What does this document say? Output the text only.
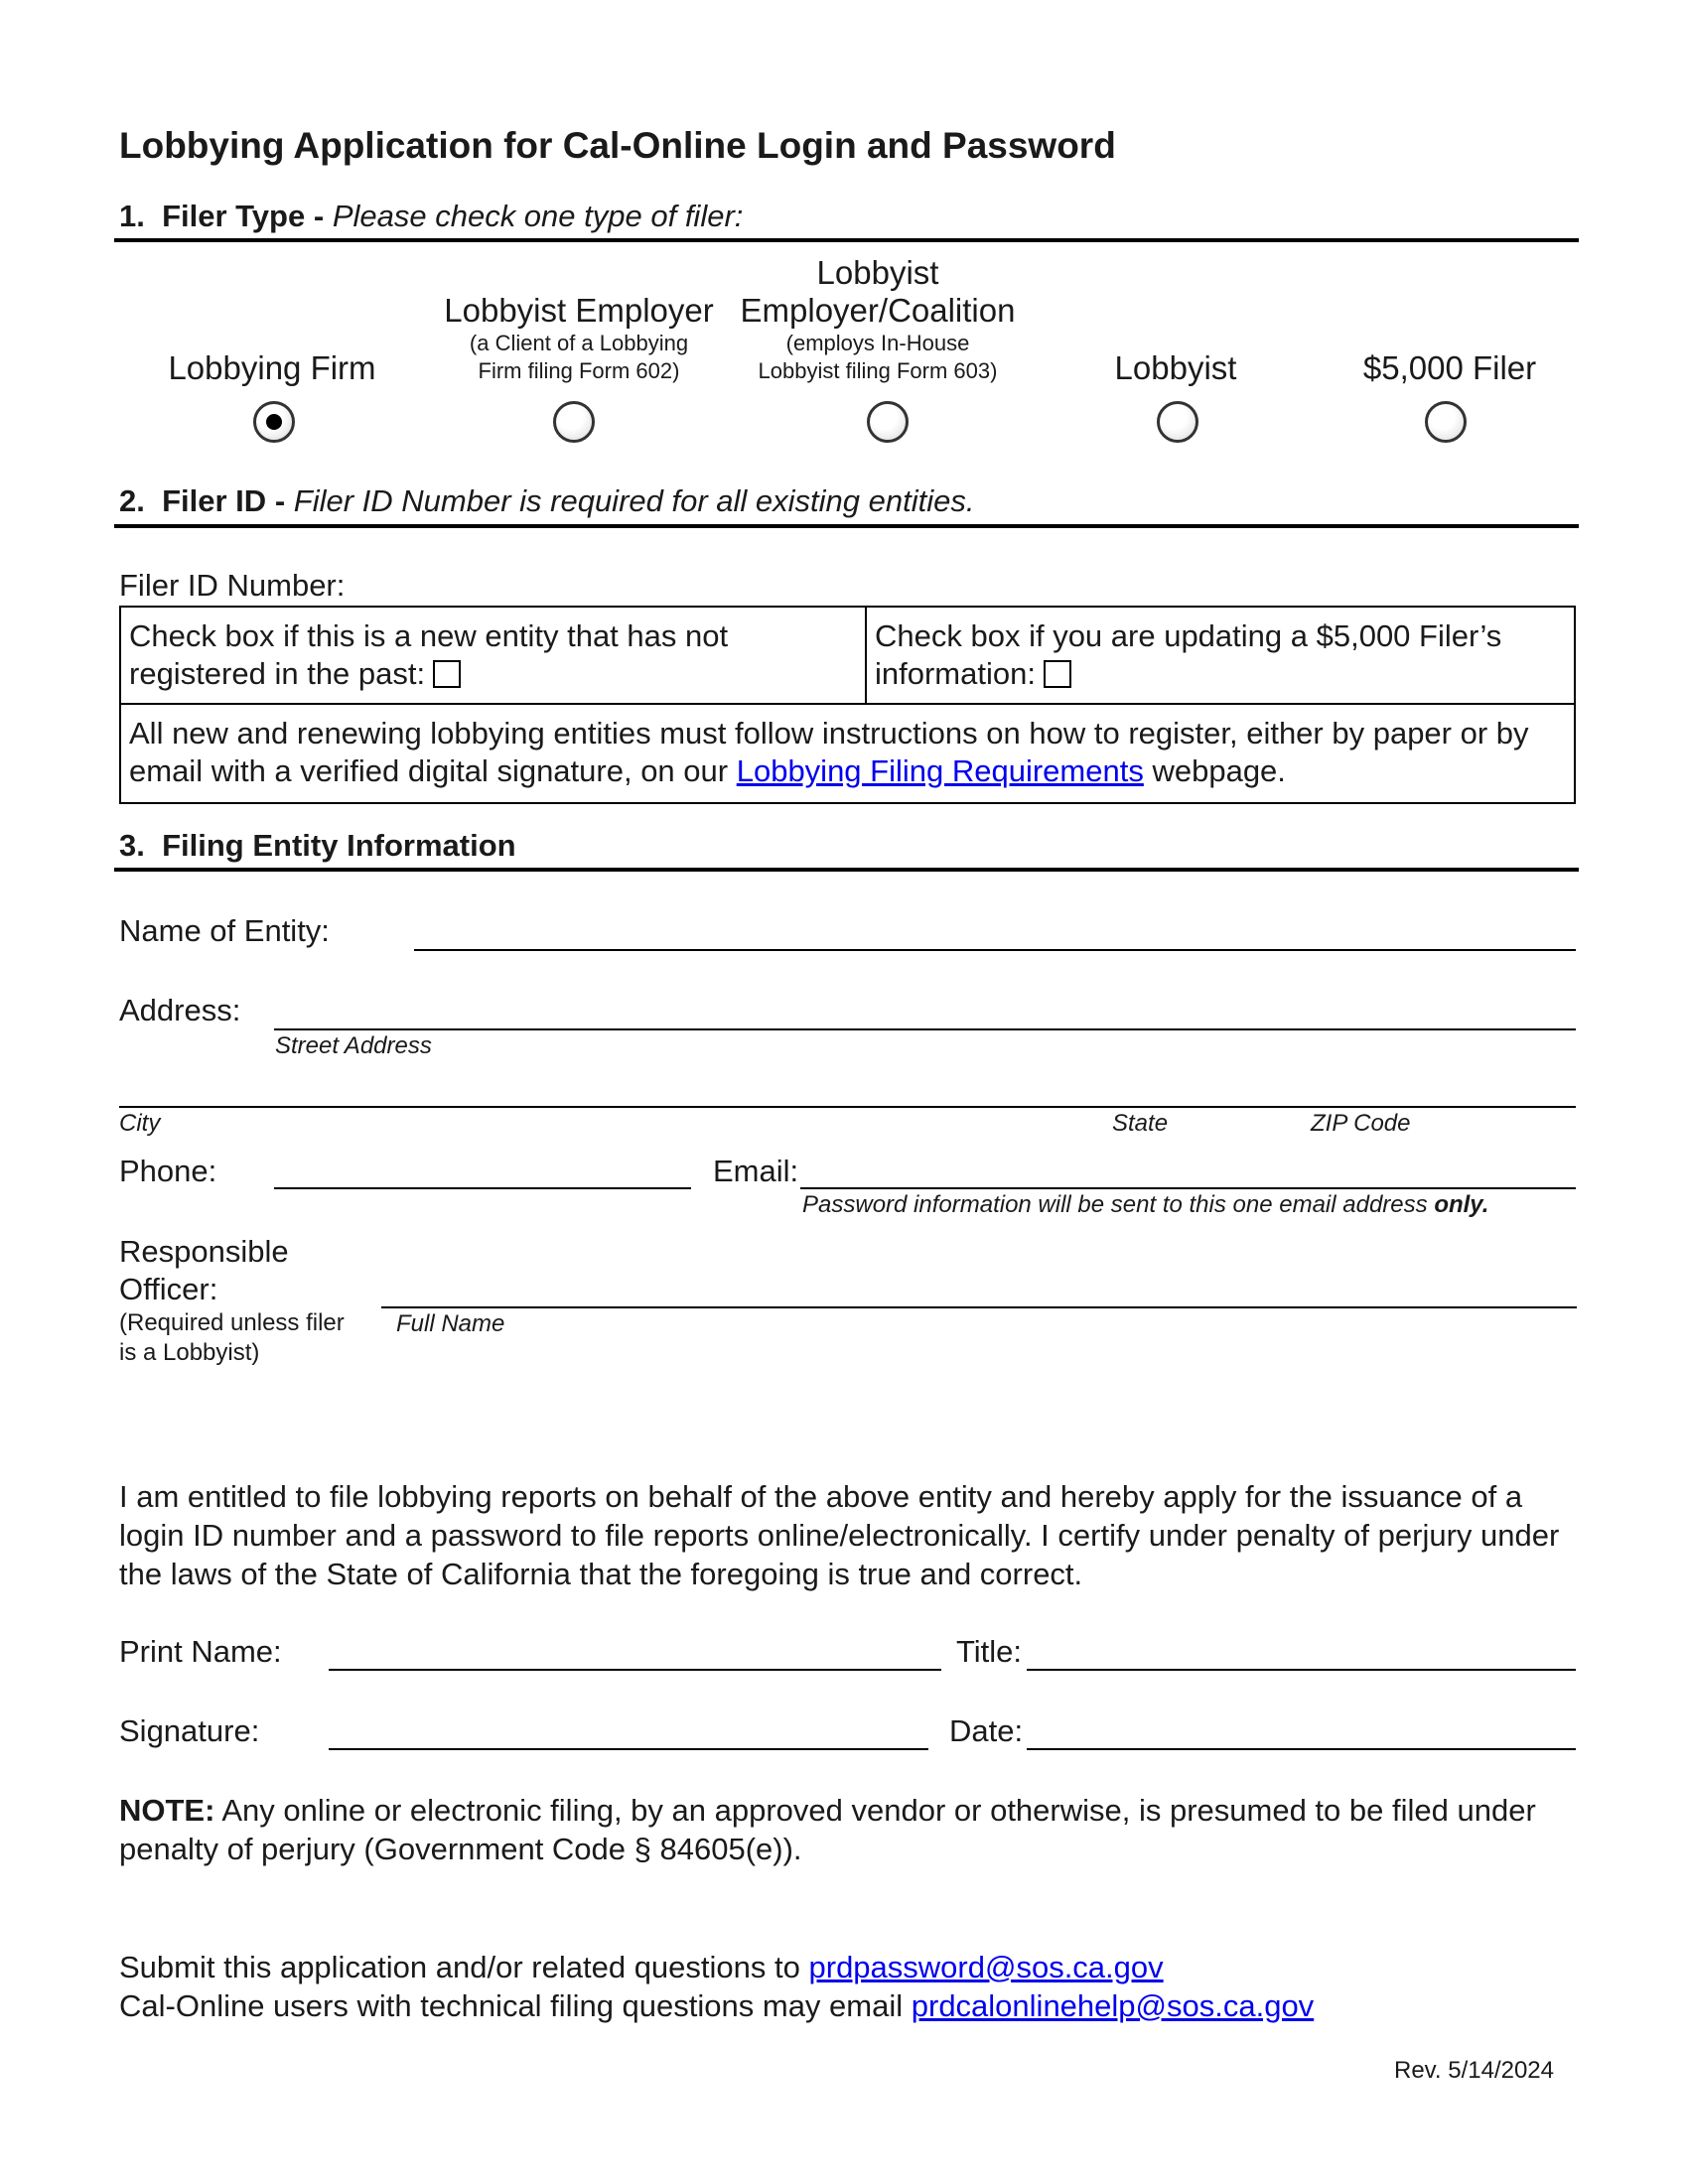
Lobbying Application for Cal-Online Login and Password
1. Filer Type - Please check one type of filer:
Lobbying Firm
Lobbyist Employer
(a Client of a Lobbying
Firm filing Form 602)
Lobbyist
Employer/Coalition
(employs In-House
Lobbyist filing Form 603)	Lobbyist	$5,000 Filer
2. Filer ID - Filer ID Number is required for all existing entities.
Filer ID Number:
Check box if this is a new entity that has not
registered in the past:
Check box if you are updating a $5,000 Filer’s
information:
All new and renewing lobbying entities must follow instructions on how to register, either by paper or by email with a verified digital signature, on our Lobbying Filing Requirements webpage.
3. Filing Entity Information
Name of Entity:
Address:
Street Address
City	State	ZIP Code
Phone:	Email:
Password information will be sent to this one email address only.
Responsible
Officer:
(Required unless filer
is a Lobbyist)
Full Name
I am entitled to file lobbying reports on behalf of the above entity and hereby apply for the issuance of a login ID number and a password to file reports online/electronically. I certify under penalty of perjury under the laws of the State of California that the foregoing is true and correct.
Print Name:	Title:
Signature:	Date:
NOTE: Any online or electronic filing, by an approved vendor or otherwise, is presumed to be filed under penalty of perjury (Government Code § 84605(e)).
Submit this application and/or related questions to prdpassword@sos.ca.gov
Cal-Online users with technical filing questions may email prdcalonlinehelp@sos.ca.gov
Rev. 5/14/2024
